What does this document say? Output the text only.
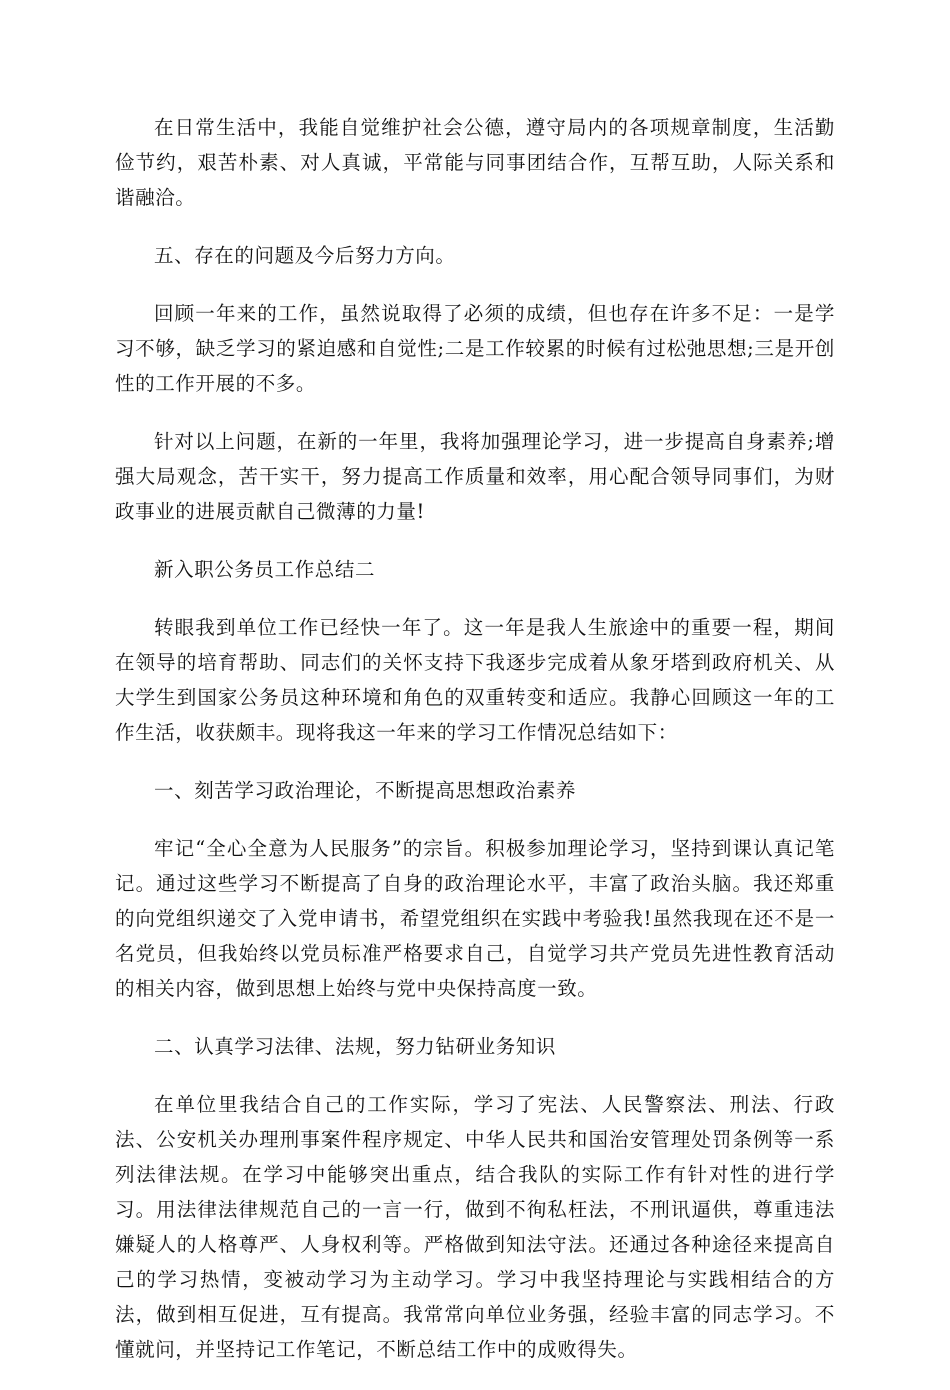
在日常生活中，我能自觉维护社会公德，遵守局内的各项规章制度，生活勤俭节约，艰苦朴素、对人真诚，平常能与同事团结合作，互帮互助，人际关系和谐融洽。

五、存在的问题及今后努力方向。

回顾一年来的工作，虽然说取得了必须的成绩，但也存在许多不足：一是学习不够，缺乏学习的紧迫感和自觉性;二是工作较累的时候有过松弛思想;三是开创性的工作开展的不多。

针对以上问题，在新的一年里，我将加强理论学习，进一步提高自身素养;增强大局观念，苦干实干，努力提高工作质量和效率，用心配合领导同事们，为财政事业的进展贡献自己微薄的力量!

新入职公务员工作总结二

转眼我到单位工作已经快一年了。这一年是我人生旅途中的重要一程，期间在领导的培育帮助、同志们的关怀支持下我逐步完成着从象牙塔到政府机关、从大学生到国家公务员这种环境和角色的双重转变和适应。我静心回顾这一年的工作生活，收获颇丰。现将我这一年来的学习工作情况总结如下：

一、刻苦学习政治理论，不断提高思想政治素养

牢记“全心全意为人民服务”的宗旨。积极参加理论学习，坚持到课认真记笔记。通过这些学习不断提高了自身的政治理论水平，丰富了政治头脑。我还郑重的向党组织递交了入党申请书，希望党组织在实践中考验我!虽然我现在还不是一名党员，但我始终以党员标准严格要求自己，自觉学习共产党员先进性教育活动的相关内容，做到思想上始终与党中央保持高度一致。

二、认真学习法律、法规，努力钻研业务知识

在单位里我结合自己的工作实际，学习了宪法、人民警察法、刑法、行政法、公安机关办理刑事案件程序规定、中华人民共和国治安管理处罚条例等一系列法律法规。在学习中能够突出重点，结合我队的实际工作有针对性的进行学习。用法律法律规范自己的一言一行，做到不徇私枉法，不刑讯逼供，尊重违法嫌疑人的人格尊严、人身权利等。严格做到知法守法。还通过各种途径来提高自己的学习热情，变被动学习为主动学习。学习中我坚持理论与实践相结合的方法，做到相互促进，互有提高。我常常向单位业务强，经验丰富的同志学习。不懂就问，并坚持记工作笔记，不断总结工作中的成败得失。
